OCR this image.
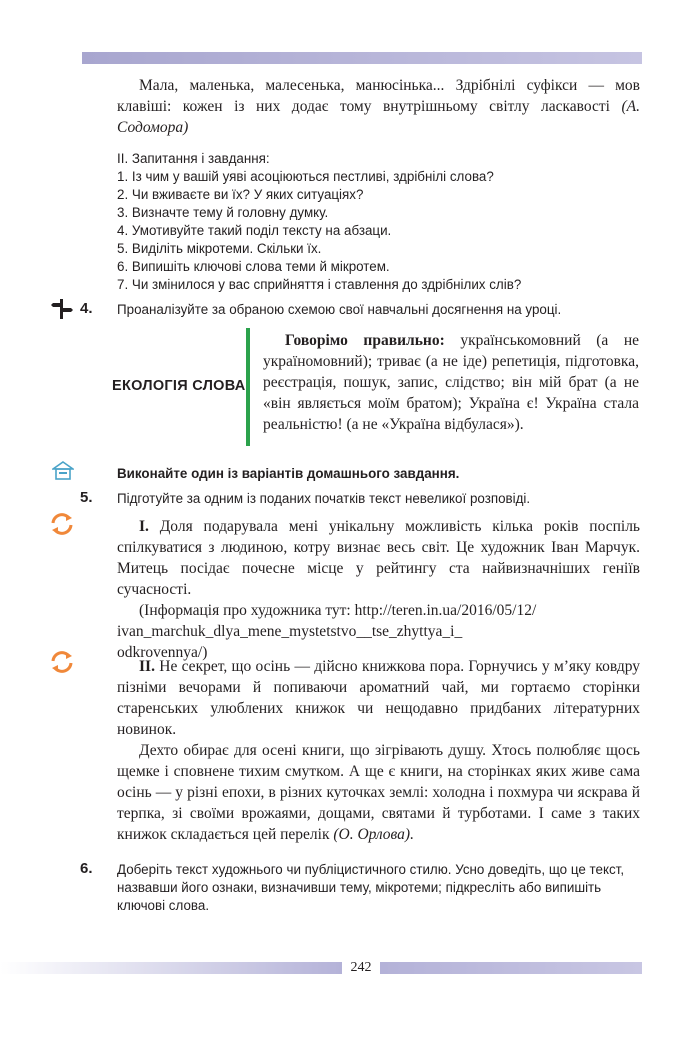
Мала, маленька, малесенька, манюсінька... Здрібнілі суфікси — мов клавіші: кожен із них додає тому внутрішньому світлу ласкавості (А. Содомора)

II. Запитання і завдання:
1. Із чим у вашій уяві асоціюються пестливі, здрібнілі слова?
2. Чи вживаєте ви їх? У яких ситуаціях?
3. Визначте тему й головну думку.
4. Умотивуйте такий поділ тексту на абзаци.
5. Виділіть мікротеми. Скільки їх.
6. Випишіть ключові слова теми й мікротем.
7. Чи змінилося у вас сприйняття і ставлення до здрібнілих слів?
4. Проаналізуйте за обраною схемою свої навчальні досягнення на уроці.
ЕКОЛОГІЯ СЛОВА

Говорімо правильно: українськомовний (а не україномовний); триває (а не іде) репетиція, підготовка, реєстрація, пошук, запис, слідство; він мій брат (а не «він являється моїм братом); Україна є! Україна стала реальністю! (а не «Україна відбулася»).

Виконайте один із варіантів домашнього завдання.
5. Підготуйте за одним із поданих початків текст невеликої розповіді.

I. Доля подарувала мені унікальну можливість кілька років поспіль спілкуватися з людиною, котру визнає весь світ. Це художник Іван Марчук. Митець посідає почесне місце у рейтингу ста найвизначніших геніїв сучасності.

(Інформація про художника тут: http://teren.in.ua/2016/05/12/

ivan_marchuk_dlya_mene_mystetstvo__tse_zhyttya_i_

odkrovennya/)

II. Не секрет, що осінь — дійсно книжкова пора. Горнучись у м’яку ковдру пізніми вечорами й попиваючи ароматний чай, ми гортаємо сторінки старенських улюблених книжок чи нещодавно придбаних літературних новинок.

Дехто обирає для осені книги, що зігрівають душу. Хтось полюбляє щось щемке і сповнене тихим смутком. А ще є книги, на сторінках яких живе сама осінь — у різні епохи, в різних куточках землі: холодна і похмура чи яскрава й терпка, зі своїми врожаями, дощами, святами й турботами. І саме з таких книжок складається цей перелік (О. Орлова).

6. Доберіть текст художнього чи публіцистичного стилю. Усно доведіть, що це текст, назвавши його ознаки, визначивши тему, мікротеми; підкресліть або випишіть ключові слова.
242
